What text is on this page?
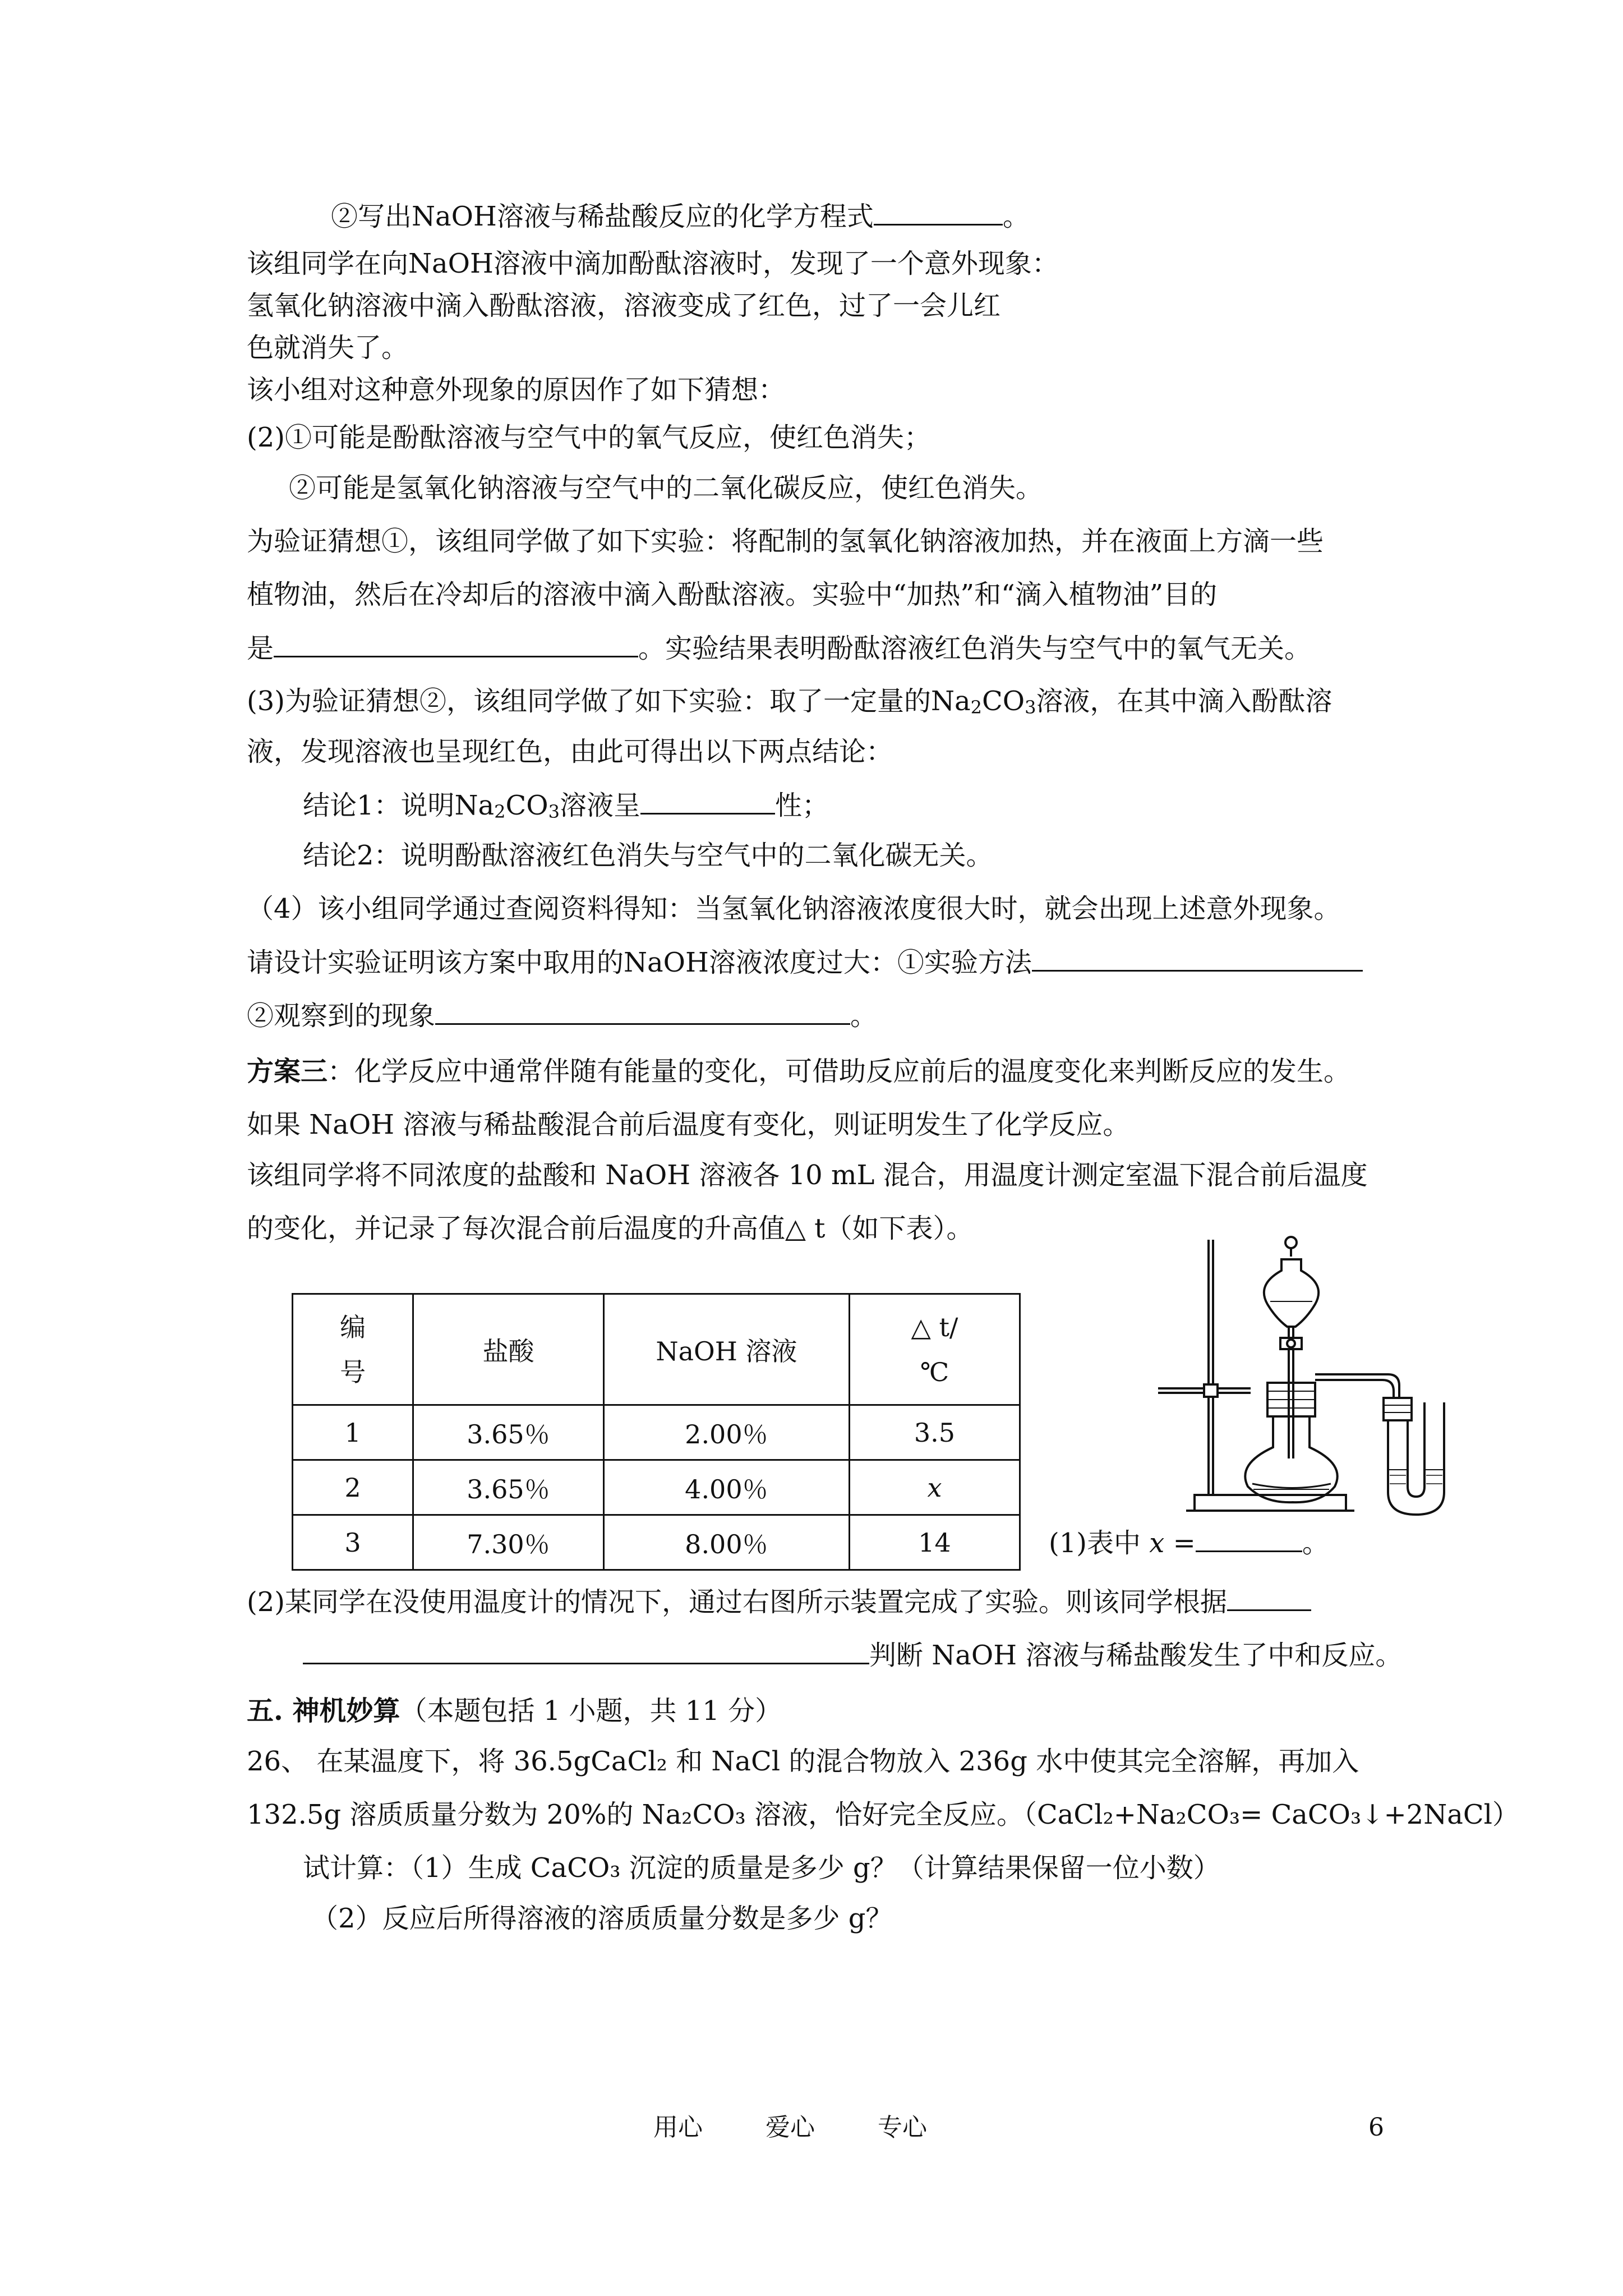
②写出NaOH溶液与稀盐酸反应的化学方程式	。
该组同学在向NaOH溶液中滴加酚酞溶液时，发现了一个意外现象：
氢氧化钠溶液中滴入酚酞溶液，溶液变成了红色，过了一会儿红
色就消失了。
该小组对这种意外现象的原因作了如下猜想：
(2)①可能是酚酞溶液与空气中的氧气反应，使红色消失；
②可能是氢氧化钠溶液与空气中的二氧化碳反应，使红色消失。
为验证猜想①，该组同学做了如下实验：将配制的氢氧化钠溶液加热，并在液面上方滴一些
植物油，然后在冷却后的溶液中滴入酚酞溶液。实验中“加热”和“滴入植物油”目的
是	。实验结果表明酚酞溶液红色消失与空气中的氧气无关。
(3)为验证猜想②，该组同学做了如下实验：取了一定量的$Na_2CO_3$溶液，在其中滴入酚酞溶
液，发现溶液也呈现红色，由此可得出以下两点结论：
结论1：说明$Na_2CO_3$溶液呈	性；
结论2：说明酚酞溶液红色消失与空气中的二氧化碳无关。
（4）该小组同学通过查阅资料得知：当氢氧化钠溶液浓度很大时，就会出现上述意外现象。
请设计实验证明该方案中取用的NaOH溶液浓度过大：①实验方法
②观察到的现象	。
方案三：化学反应中通常伴随有能量的变化，可借助反应前后的温度变化来判断反应的发生。
如果 NaOH 溶液与稀盐酸混合前后温度有变化，则证明发生了化学反应。
该组同学将不同浓度的盐酸和 NaOH 溶液各 10 mL 混合，用温度计测定室温下混合前后温度
的变化，并记录了每次混合前后温度的升高值△ t（如下表）。
编
号	盐酸	NaOH 溶液	△ t/
℃

1	3.65％	2.00％	3.5
2	3.65％	4.00％	x
3	7.30％	8.00％	14	(1)表中 x =	。
(2)某同学在没使用温度计的情况下，通过右图所示装置完成了实验。则该同学根据
判断 NaOH 溶液与稀盐酸发生了中和反应。
五. 神机妙算（本题包括 1 小题，共 11 分）
26、 在某温度下，将 36.5gCaCl₂ 和 NaCl 的混合物放入 236g 水中使其完全溶解，再加入
132.5g 溶质质量分数为 20%的 Na₂CO₃ 溶液，恰好完全反应。（CaCl₂+Na₂CO₃= CaCO₃↓+2NaCl）
试计算：（1）生成 CaCO₃ 沉淀的质量是多少 g？（计算结果保留一位小数）
（2）反应后所得溶液的溶质质量分数是多少 g？
用心	爱心	专心	6
